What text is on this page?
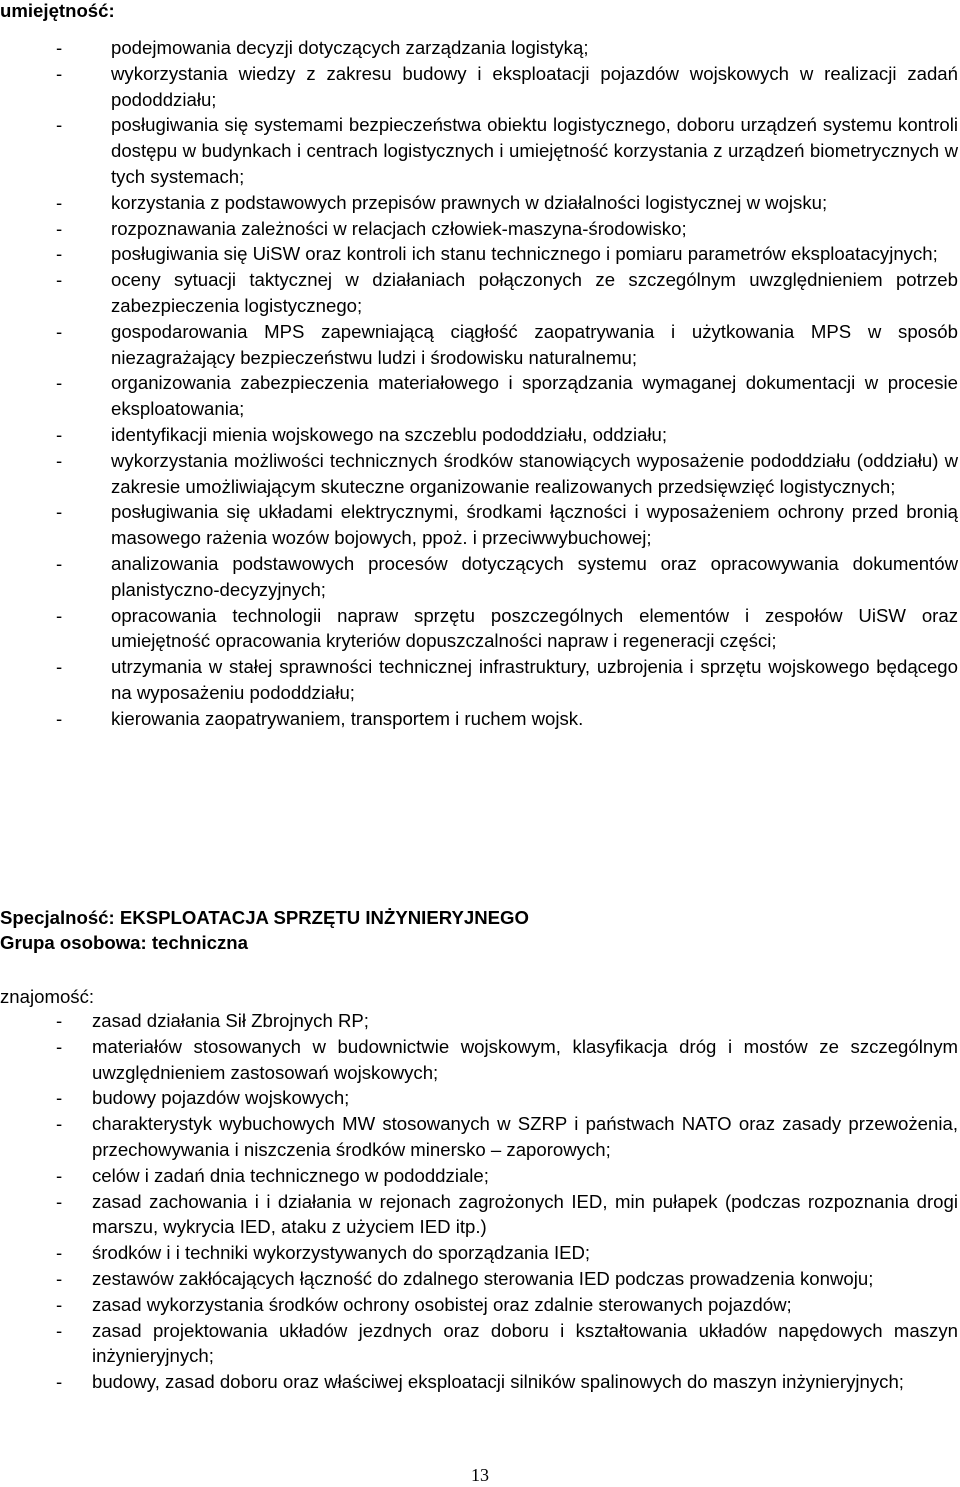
umiejętność:
-	podejmowania decyzji dotyczących zarządzania logistyką;
-	wykorzystania wiedzy z zakresu budowy i eksploatacji pojazdów wojskowych w realizacji zadań pododdziału;
-	posługiwania się systemami bezpieczeństwa obiektu logistycznego, doboru urządzeń systemu kontroli dostępu w budynkach i centrach logistycznych i umiejętność korzystania z urządzeń biometrycznych w tych systemach;
-	korzystania z podstawowych przepisów prawnych w działalności logistycznej w wojsku;
-	rozpoznawania zależności w relacjach człowiek-maszyna-środowisko;
-	posługiwania się UiSW oraz kontroli ich stanu technicznego i pomiaru parametrów eksploatacyjnych;
-	oceny sytuacji taktycznej w działaniach połączonych ze szczególnym uwzględnieniem potrzeb zabezpieczenia logistycznego;
-	gospodarowania MPS zapewniającą ciągłość zaopatrywania i użytkowania MPS w sposób niezagrażający bezpieczeństwu ludzi i środowisku naturalnemu;
-	organizowania zabezpieczenia materiałowego i sporządzania wymaganej dokumentacji w procesie eksploatowania;
-	identyfikacji mienia wojskowego na szczeblu pododdziału, oddziału;
-	wykorzystania możliwości technicznych środków stanowiących wyposażenie pododdziału (oddziału) w zakresie umożliwiającym skuteczne organizowanie realizowanych przedsięwzięć logistycznych;
-	posługiwania się układami elektrycznymi, środkami łączności i wyposażeniem ochrony przed bronią masowego rażenia wozów bojowych, ppoż. i przeciwwybuchowej;
-	analizowania podstawowych procesów dotyczących systemu oraz opracowywania dokumentów planistyczno-decyzyjnych;
-	opracowania technologii napraw sprzętu poszczególnych elementów i zespołów UiSW oraz umiejętność opracowania kryteriów dopuszczalności napraw i regeneracji części;
-	utrzymania w stałej sprawności technicznej infrastruktury, uzbrojenia i sprzętu wojskowego będącego na wyposażeniu pododdziału;
-	kierowania zaopatrywaniem, transportem i ruchem wojsk.
Specjalność: EKSPLOATACJA SPRZĘTU INŻYNIERYJNEGO
Grupa osobowa: techniczna
znajomość:
- zasad działania Sił Zbrojnych RP;
- materiałów stosowanych w budownictwie wojskowym, klasyfikacja dróg i mostów ze szczególnym uwzględnieniem zastosowań wojskowych;
- budowy pojazdów wojskowych;
- charakterystyk wybuchowych MW stosowanych w SZRP i państwach NATO oraz zasady przewożenia, przechowywania i niszczenia środków minersko – zaporowych;
- celów i zadań dnia technicznego w pododdziale;
- zasad zachowania i i działania w rejonach zagrożonych IED, min pułapek (podczas rozpoznania drogi marszu, wykrycia IED, ataku z użyciem IED itp.)
- środków i i techniki wykorzystywanych do sporządzania IED;
- zestawów zakłócających łączność do zdalnego sterowania IED podczas prowadzenia konwoju;
- zasad wykorzystania środków ochrony osobistej oraz zdalnie sterowanych pojazdów;
- zasad projektowania układów jezdnych oraz doboru i kształtowania układów napędowych maszyn inżynieryjnych;
- budowy, zasad doboru oraz właściwej eksploatacji silników spalinowych do maszyn inżynieryjnych;
13
